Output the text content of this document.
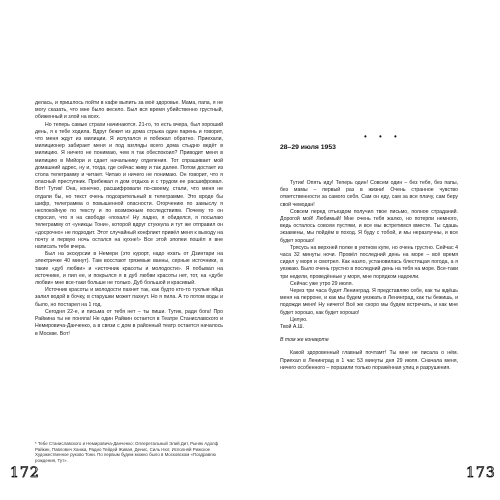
делась, и пришлось пойти в кафе выпить за моё здоровье. Мама, папа, я не могу сказать, что мне было весело. Был вся время убийственно грустный, обиженный и злой на всех.

Но теперь самые страхи начинаются. 21-го, то есть вчера, был хороший день, я к тебе ходила. Вдруг бежит из дома стрыка один парень и говорит, что меня ждут из милиции. Я испугался и побежал обратно. Приехали, милиционер забирает меня и под взгляды всего дома стыдно ведёт в милицию. Я ничего не понимаю, чем я так обеспокоил? Приводит меня в милицию в Мийори и сдает начальнику отделения. Тот спрашивает мой домашний адрес, ну и, тогда, где сейчас живу и так далее. Потом достает из стола телеграмму и читает. Читаю и ничего не понимаю. Он говорит, что я опасный преступник. Прибежал я дом отдыха и с трудом ее расшифровал. Вот! Тутик! Она, конечно, расшифровали по-своему, стали, что меня не отдали бы, но текст очень подозрительный в телеграмме. Это вроде бы шифр, телеграмма о повышенной опасности. Огорчению по замыслу я неспокойную по тексту и по возможным последствиям. Почему то он спросил, что я на свободе «похал»! Ну ладно, я обиделся, я посылаю телеграмму от «уникцы Тони», которой вдруг стукнула и тут же отправил он «досрочно» не подходит. Этот случайный конфликт привёл меня к выходу на почту и первую ночь остался на кухне!» Все этой эпопеи пошёл я вне написать тебе вчера.

Был на экскурсии в Немери (это курорт, надо ехать от Дзинтари на электричке 40 минут). Там восстают грязевые ванны, серные источники, в такие «дуб любви» и «источник красоты и молодости». Я побывал на источнике, и пил ее, и покрылся я в дуб любви красоты нет, тот, на «дубе любви» мне все-таки больше не только. Дуб большой и красивый.

Источник красоты и молодости пахнет так, как будто кто-то тухлые яйца залил водой в бочку, в старушки может пахнут. Но я пила. А то потом воды и было, но постарел на 1 год.

Сегодня 22-е, и письма от тебя нет – ты пиши. Тутик, ради бога! Про Райкина ты не поняла! Не один Райкин остается в Театре Станиславского и Немировича-Данченко, а в связи с дом в районный театр остается началось в Москве. Вот!

* Тебе Станиславского и Немировича-Данченко: Оплеретальный Элий Дит, Рыняк Адолф Райкин, Павлович Ханжа, Радио Тейдей Живая, Денис, Силь Нют, Исполняй Рижское Художественное руково Тони. По первым будем можно было в Московском «Поздравлю рождения, Тут».
• • •
28–29 июля 1953

Тутик! Опять иду! Теперь один! Совсем один – без тебя, без папы, без мамы – первый раз в жизни! Очень странное чувство ответственности за самого себя. Сам он еду, сам за все плачу, сам беру свой чемодан!

Совсем перед отъездом получил твое письмо, полное страданий. Дорогой мой! Любимый! Мне очень тебя жалко, но потерпи немного, ведь осталось совсем пустяки, и все мы встретимся вместе. Ты сдашь экзамены, мы пойдём в поход. Я буду с тобой, и мы неразлучны, и все будет хорошо!

Трясусь на верхней полке в уютном купе, но очень грустно. Сейчас 4 часа 32 минуты ночи. Провёл последний день на море – всё время сидел у моря и смотрел. Как назло, установилась блестящая погода, а я уезжаю. Было очень грустно в последний день на тебя на море. Все-таки три недели, проведённые у моря, мне порядком надоели.

Сейчас уже утро 29 июля.

Через три часа будет Ленинград. Я представляю себе, как ты ждёшь меня на перроне, и как мы будем уезжать в Ленинград, как ты бежишь, и подожди меня! Ну ничего! Всё же скоро мы будем встречать, и как мне будет хорошо, как будет хорошо!

Целую.

Твой А.Ш.

В том же конверте

Какой здоровенный главный почтамт! Ты мне не писала о нём. Приехал в Ленинград в 1 час 53 минуты дня 29 июля. Сначала меня, ничего особенного – поразили только поражённая улиц и разрушения.

172	173
